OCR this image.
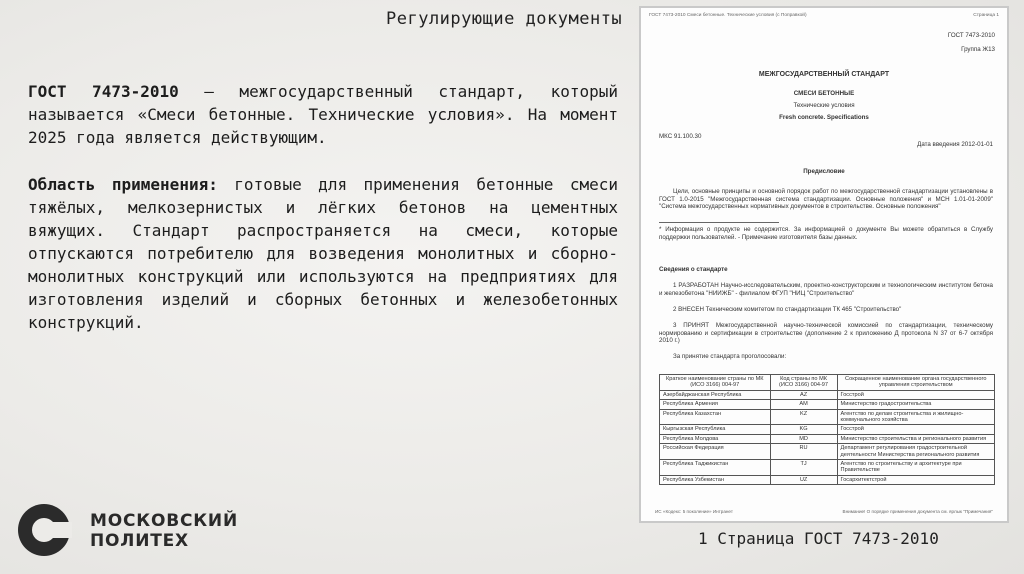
Регулирующие документы
ГОСТ 7473-2010 — межгосударственный стандарт, который называется «Смеси бетонные. Технические условия». На момент 2025 года является действующим.
Область применения: готовые для применения бетонные смеси тяжёлых, мелкозернистых и лёгких бетонов на цементных вяжущих. Стандарт распространяется на смеси, которые отпускаются потребителю для возведения монолитных и сборно-монолитных конструкций или используются на предприятиях для изготовления изделий и сборных бетонных и железобетонных конструкций.
МОСКОВСКИЙ
ПОЛИТЕХ	1 Страница ГОСТ 7473-2010
ГОСТ 7473-2010 Смеси бетонные. Технические условия (с Поправкой)	Страница 1
ГОСТ 7473-2010
Группа Ж13
МЕЖГОСУДАРСТВЕННЫЙ СТАНДАРТ
СМЕСИ БЕТОННЫЕ
Технические условия
Fresh concrete. Specifications
МКС 91.100.30
Дата введения 2012-01-01
Предисловие
Цели, основные принципы и основной порядок работ по межгосударственной стандартизации установлены в ГОСТ 1.0-2015 "Межгосударственная система стандартизации. Основные положения" и МСН 1.01-01-2009" "Система межгосударственных нормативных документов в строительстве. Основные положения"
* Информация о продукте не содержится. За информацией о документе Вы можете обратиться в Службу поддержки пользователей. - Примечание изготовителя базы данных.
Сведения о стандарте
1 РАЗРАБОТАН Научно-исследовательским, проектно-конструкторским и технологическим институтом бетона и железобетона "НИИЖБ" - филиалом ФГУП "НИЦ "Строительство"
2 ВНЕСЕН Техническим комитетом по стандартизации ТК 465 "Строительство"
3 ПРИНЯТ Межгосударственной научно-технической комиссией по стандартизации, техническому нормированию и сертификации в строительстве (дополнение 2 к приложению Д протокола N 37 от 6-7 октября 2010 г.)
За принятие стандарта проголосовали:
Краткое наименование страны по МК (ИСО 3166) 004-97	Код страны по МК (ИСО 3166) 004-97	Сокращенное наименование органа государственного управления строительством
Азербайджанская Республика	AZ	Госстрой
Республика Армения	AM	Министерство градостроительства
Республика Казахстан	KZ	Агентство по делам строительства и жилищно-коммунального хозяйства
Кыргызская Республика	KG	Госстрой
Республика Молдова	MD	Министерство строительства и регионального развития
Российская Федерация	RU	Департамент регулирования градостроительной деятельности Министерства регионального развития
Республика Таджикистан	TJ	Агентство по строительству и архитектуре при Правительстве
Республика Узбекистан	UZ	Госархитектстрой
ИС «Кодекс: 5 поколение» Интранет	Внимание! О порядке применения документа см. ярлык "Примечания"
